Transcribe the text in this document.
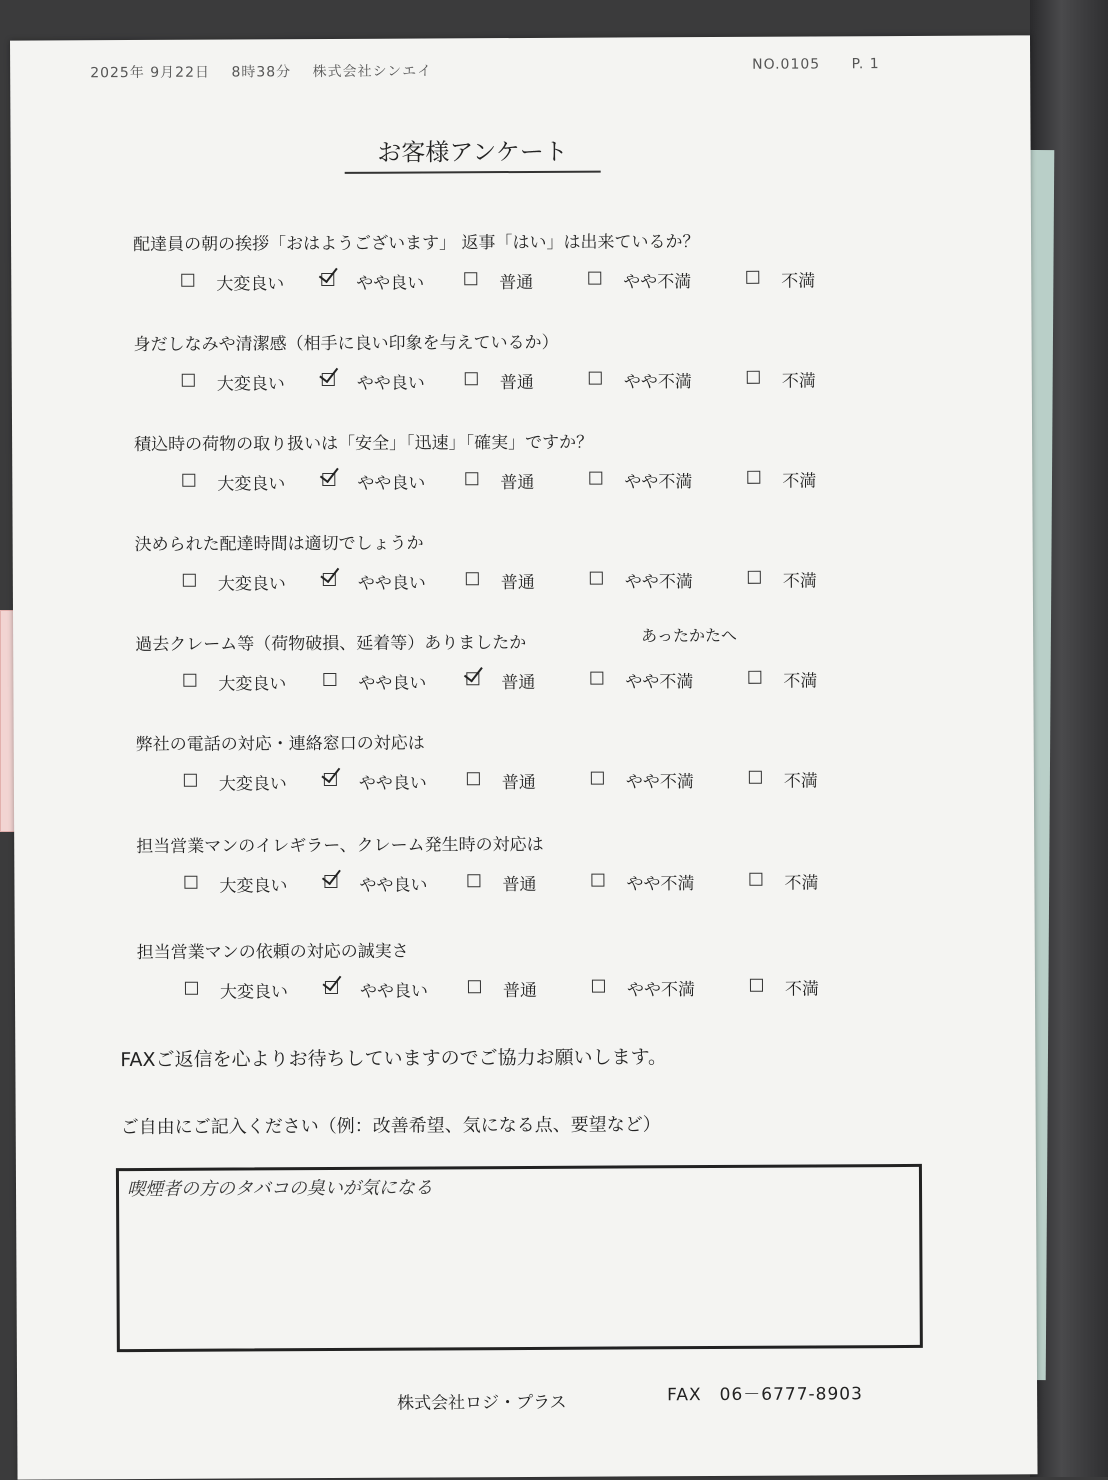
2025年 9月22日 8時38分 株式会社シンエイ	NO.0105 P. 1
お客様アンケート
配達員の朝の挨拶「おはようございます」 返事「はい」は出来ているか？
大変良い	やや良い	普通	やや不満	不満
身だしなみや清潔感（相手に良い印象を与えているか）
大変良い	やや良い	普通	やや不満	不満
積込時の荷物の取り扱いは「安全」「迅速」「確実」ですか？
大変良い	やや良い	普通	やや不満	不満
決められた配達時間は適切でしょうか
大変良い	やや良い	普通	やや不満	不満
過去クレーム等（荷物破損、延着等）ありましたか	あったかたへ
大変良い	やや良い	普通	やや不満	不満
弊社の電話の対応・連絡窓口の対応は
大変良い	やや良い	普通	やや不満	不満
担当営業マンのイレギラー、クレーム発生時の対応は
大変良い	やや良い	普通	やや不満	不満
担当営業マンの依頼の対応の誠実さ
大変良い	やや良い	普通	やや不満	不満
FAXご返信を心よりお待ちしていますのでご協力お願いします。
ご自由にご記入ください（例：改善希望、気になる点、要望など）
喫煙者の方のタバコの臭いが気になる
株式会社ロジ・プラス	FAX　06－6777-8903
